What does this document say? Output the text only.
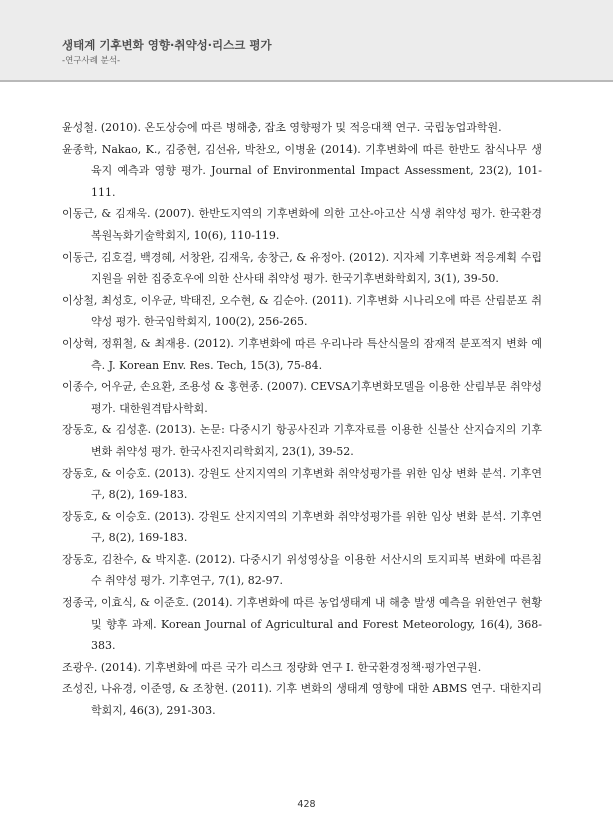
생태계 기후변화 영향·취약성·리스크 평가
-연구사례 분석-
윤성철. (2010). 온도상승에 따른 병해충, 잡초 영향평가 및 적응대책 연구. 국립농업과학원.
윤종학, Nakao, K., 김중현, 김선유, 박찬오, 이병윤 (2014). 기후변화에 따른 한반도 참식나무 생육지 예측과 영향 평가. Journal of Environmental Impact Assessment, 23(2), 101-111.
이동근, & 김재욱. (2007). 한반도지역의 기후변화에 의한 고산-아고산 식생 취약성 평가. 한국환경복원녹화기술학회지, 10(6), 110-119.
이동근, 김호걸, 백경혜, 서창완, 김재욱, 송창근, & 유정아. (2012). 지자체 기후변화 적응계획 수립지원을 위한 집중호우에 의한 산사태 취약성 평가. 한국기후변화학회지, 3(1), 39-50.
이상철, 최성호, 이우균, 박태진, 오수현, & 김순아. (2011). 기후변화 시나리오에 따른 산림분포 취약성 평가. 한국임학회지, 100(2), 256-265.
이상혁, 정휘철, & 최재용. (2012). 기후변화에 따른 우리나라 특산식물의 잠재적 분포적지 변화 예측. J. Korean Env. Res. Tech, 15(3), 75-84.
이종수, 어우균, 손요환, 조용성 & 홍현종. (2007). CEVSA기후변화모델을 이용한 산림부문 취약성 평가. 대한원격탐사학회.
장동호, & 김성훈. (2013). 논문: 다중시기 항공사진과 기후자료를 이용한 신불산 산지습지의 기후변화 취약성 평가. 한국사진지리학회지, 23(1), 39-52.
장동호, & 이승호. (2013). 강원도 산지지역의 기후변화 취약성평가를 위한 임상 변화 분석. 기후연구, 8(2), 169-183.
장동호, & 이승호. (2013). 강원도 산지지역의 기후변화 취약성평가를 위한 임상 변화 분석. 기후연구, 8(2), 169-183.
장동호, 김찬수, & 박지훈. (2012). 다중시기 위성영상을 이용한 서산시의 토지피복 변화에 따른침수 취약성 평가. 기후연구, 7(1), 82-97.
정종국, 이효식, & 이준호. (2014). 기후변화에 따른 농업생태계 내 해충 발생 예측을 위한연구 현황 및 향후 과제. Korean Journal of Agricultural and Forest Meteorology, 16(4), 368-383.
조광우. (2014). 기후변화에 따른 국가 리스크 정량화 연구 Ⅰ. 한국환경정책·평가연구원.
조성진, 나유경, 이준영, & 조창현. (2011). 기후 변화의 생태계 영향에 대한 ABMS 연구. 대한지리학회지, 46(3), 291-303.
428
